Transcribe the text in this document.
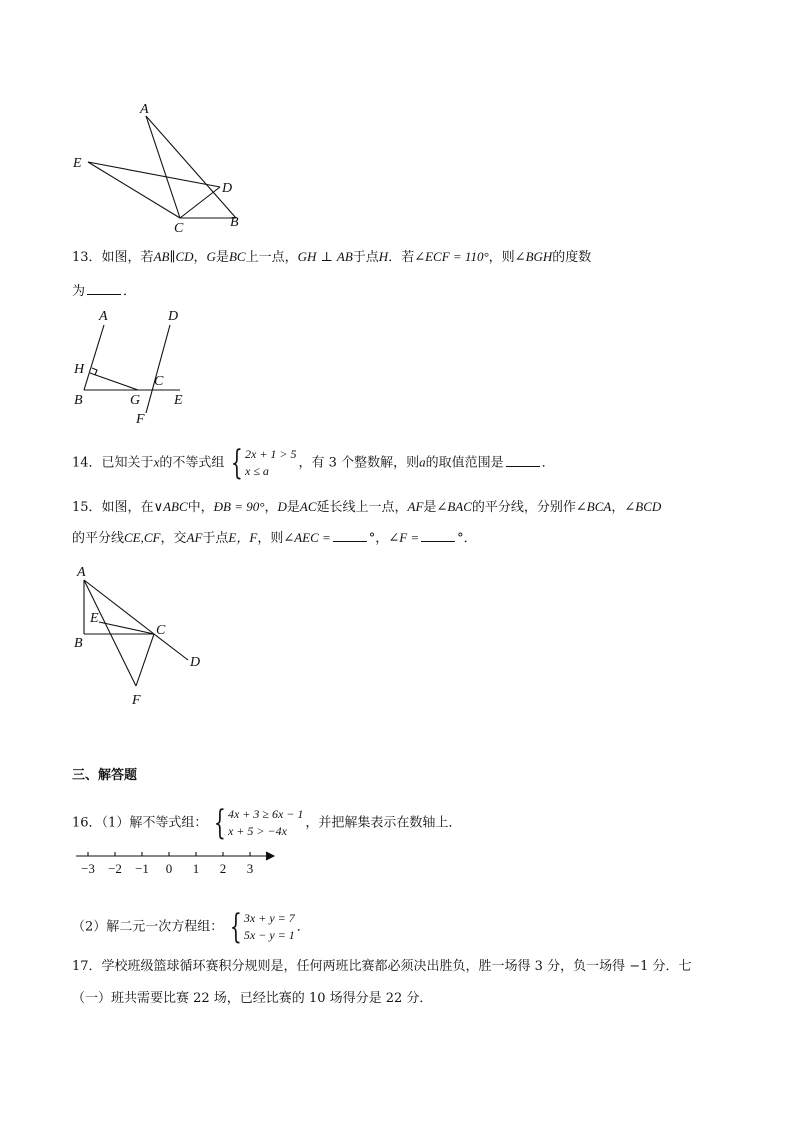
A
E
D
C	B
13．如图，若AB∥CD，G是BC上一点，GH ⊥ AB于点H．若∠ECF = 110°，则∠BGH的度数
为	．
A	D
H
C
B	G E
F
14．已知关于x的不等式组 { 2x + 1 > 5
x ≤ a
，有 3 个整数解，则a的取值范围是	．
15．如图，在∨ABC中，ÐB = 90°，D是AC延长线上一点，AF是∠BAC的平分线，分别作∠BCA，∠BCD
的平分线CE,CF，交AF于点E，F，则∠AEC =	°，∠F =	°．
A
E
C
B
D
F
三、解答题
16．（1）解不等式组： { 4x + 3 ≥ 6x − 1
x + 5 > −4x
，并把解集表示在数轴上．
−3 −2 −1 0 1 2 3
（2）解二元一次方程组： { 3x + y = 7
5x − y = 1
．
17．学校班级篮球循环赛积分规则是，任何两班比赛都必须决出胜负，胜一场得 3 分，负一场得 −1 分．七
（一）班共需要比赛 22 场，已经比赛的 10 场得分是 22 分．
